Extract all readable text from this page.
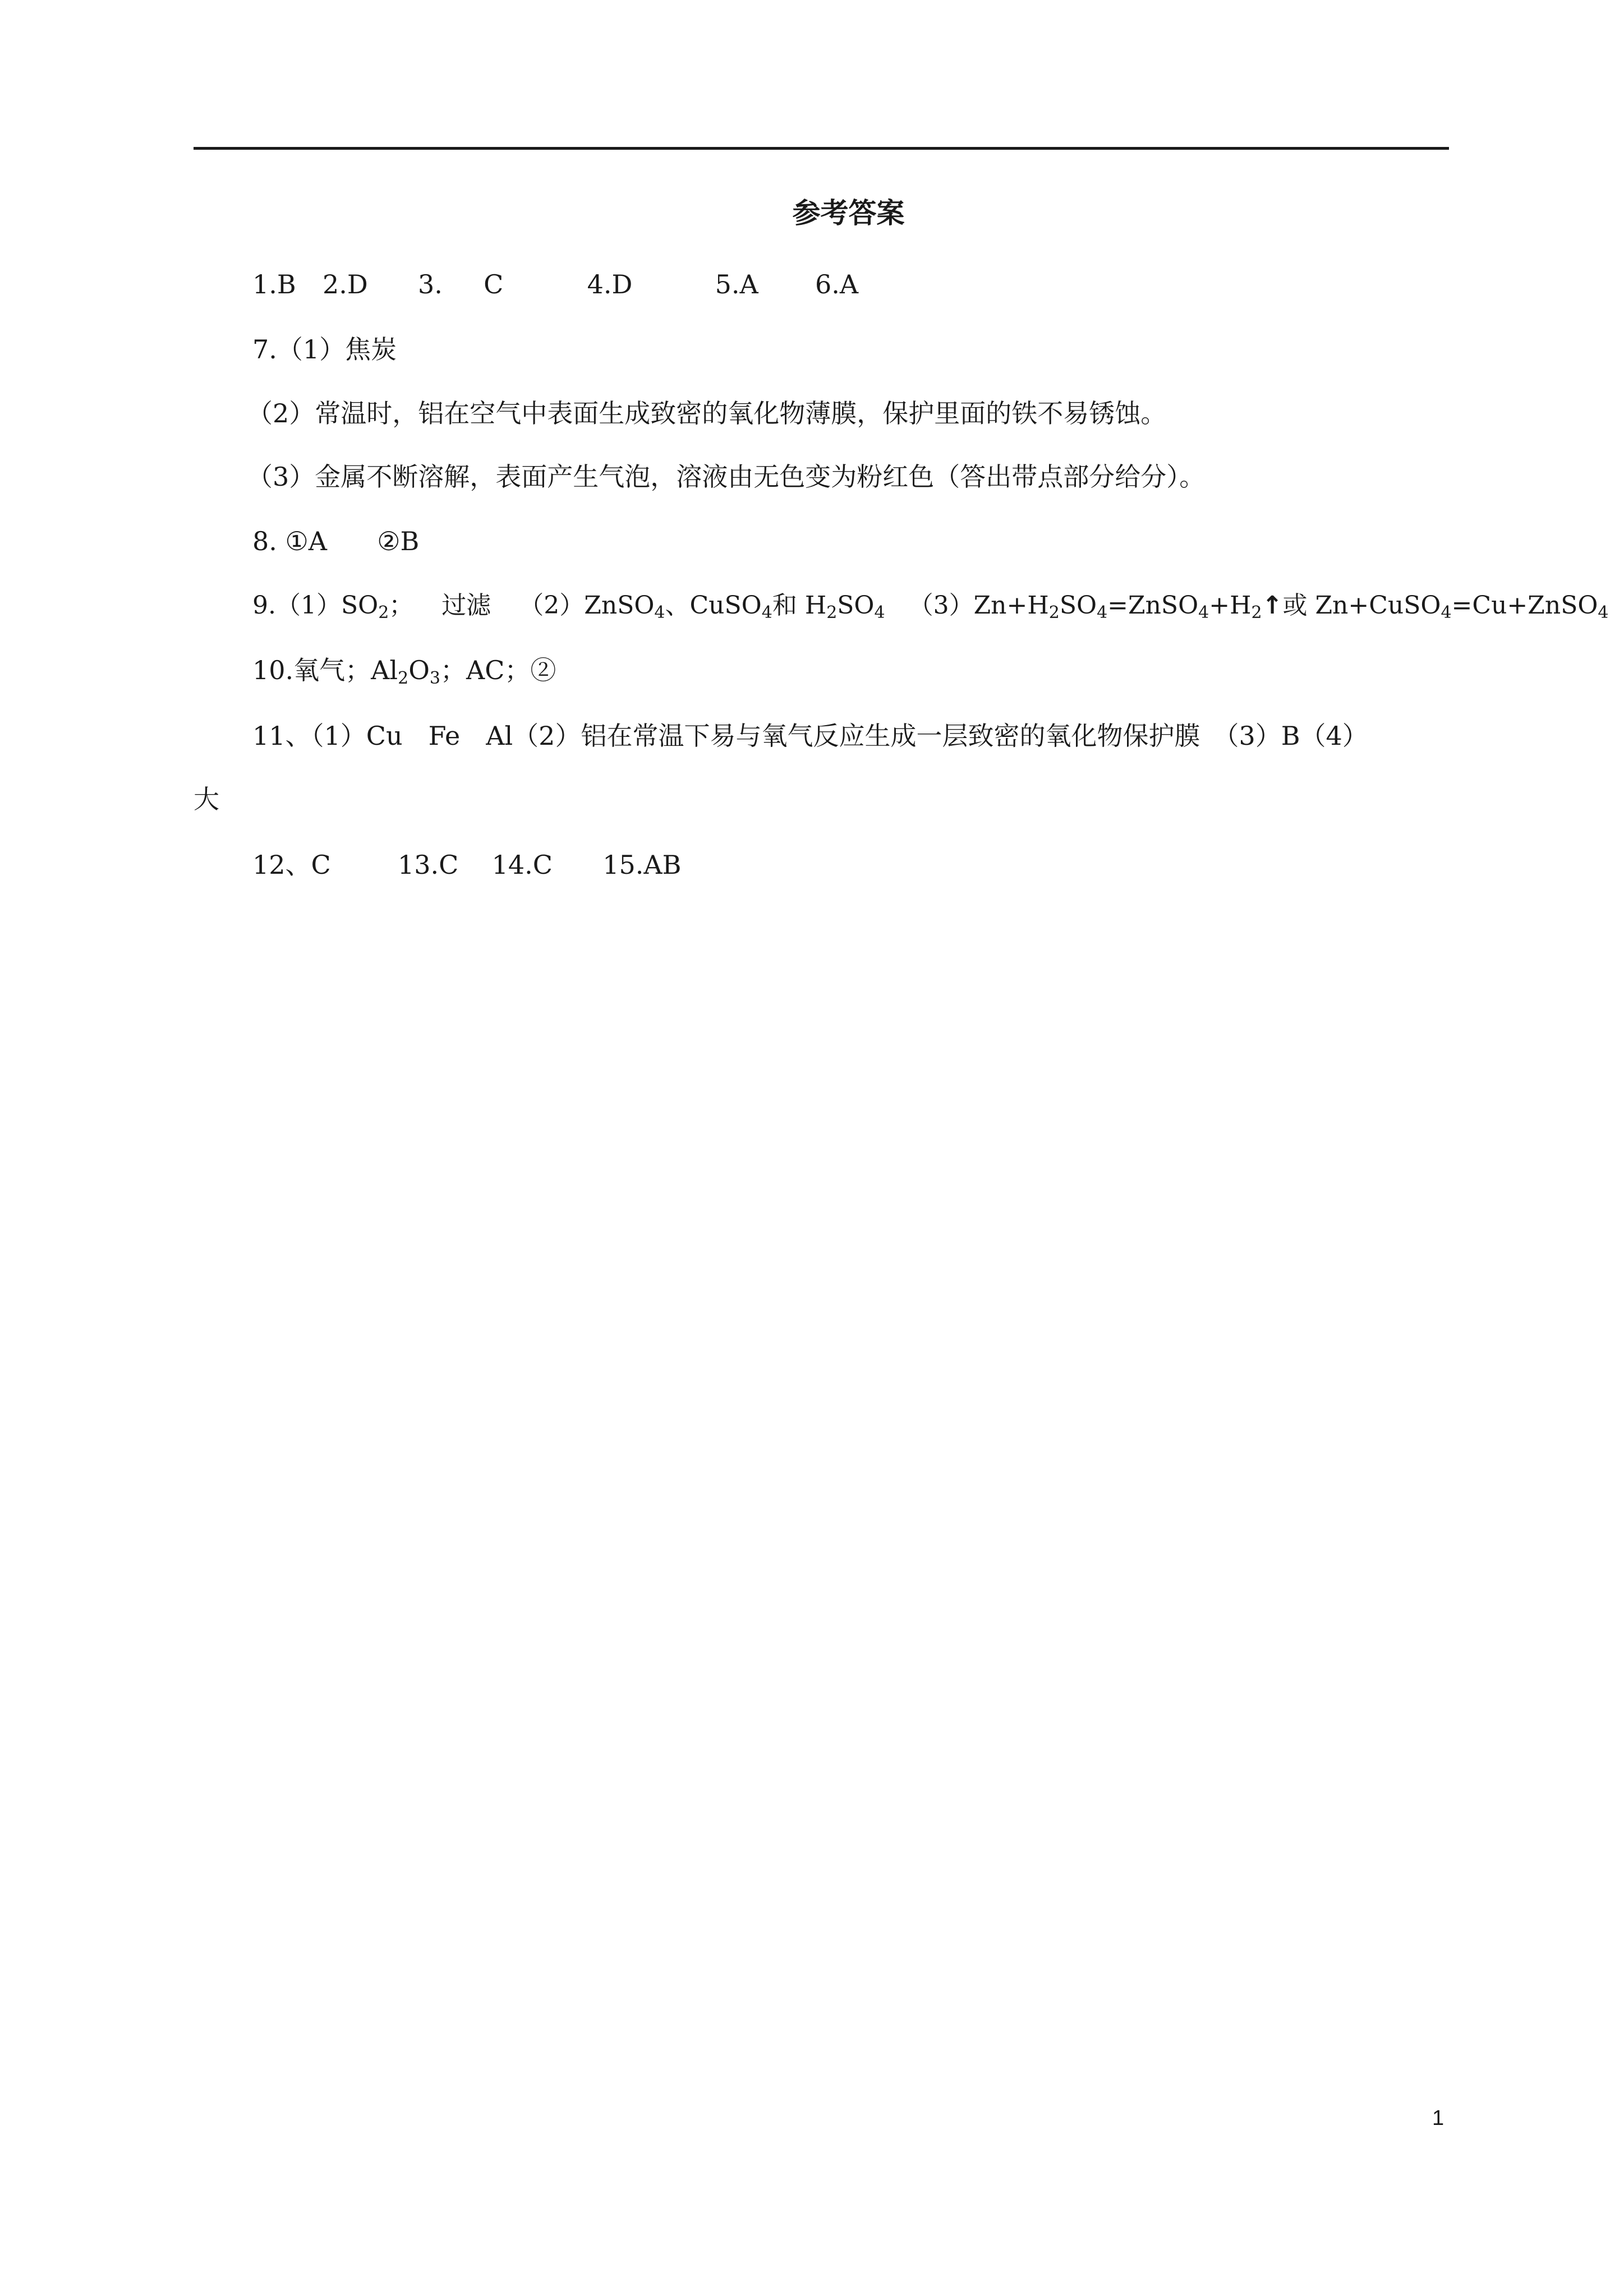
参考答案
1.B 2.D 3. C	4.D	5.A 6.A
7.（1）焦炭
（2）常温时，铝在空气中表面生成致密的氧化物薄膜，保护里面的铁不易锈蚀。
（3）金属不断溶解，表面产生气泡，溶液由无色变为粉红色（答出带点部分给分）。
8. ①A ②B
$9.(1)SO_2$； 过滤 （2）ZnSO$_4$、CuSO$_4$和 $H_2SO_4$ $(3)Zn+H_2SO_4=ZnSO_4+H_2↑$或 Zn+CuSO$_4$=Cu+ZnSO$_4$
10.氧气；$Al_2O_3$；AC；②
11、（1）Cu　Fe　Al（2）铝在常温下易与氧气反应生成一层致密的氧化物保护膜　（3）B（4）
大
12、C	13.C 14.C 15.AB
1
